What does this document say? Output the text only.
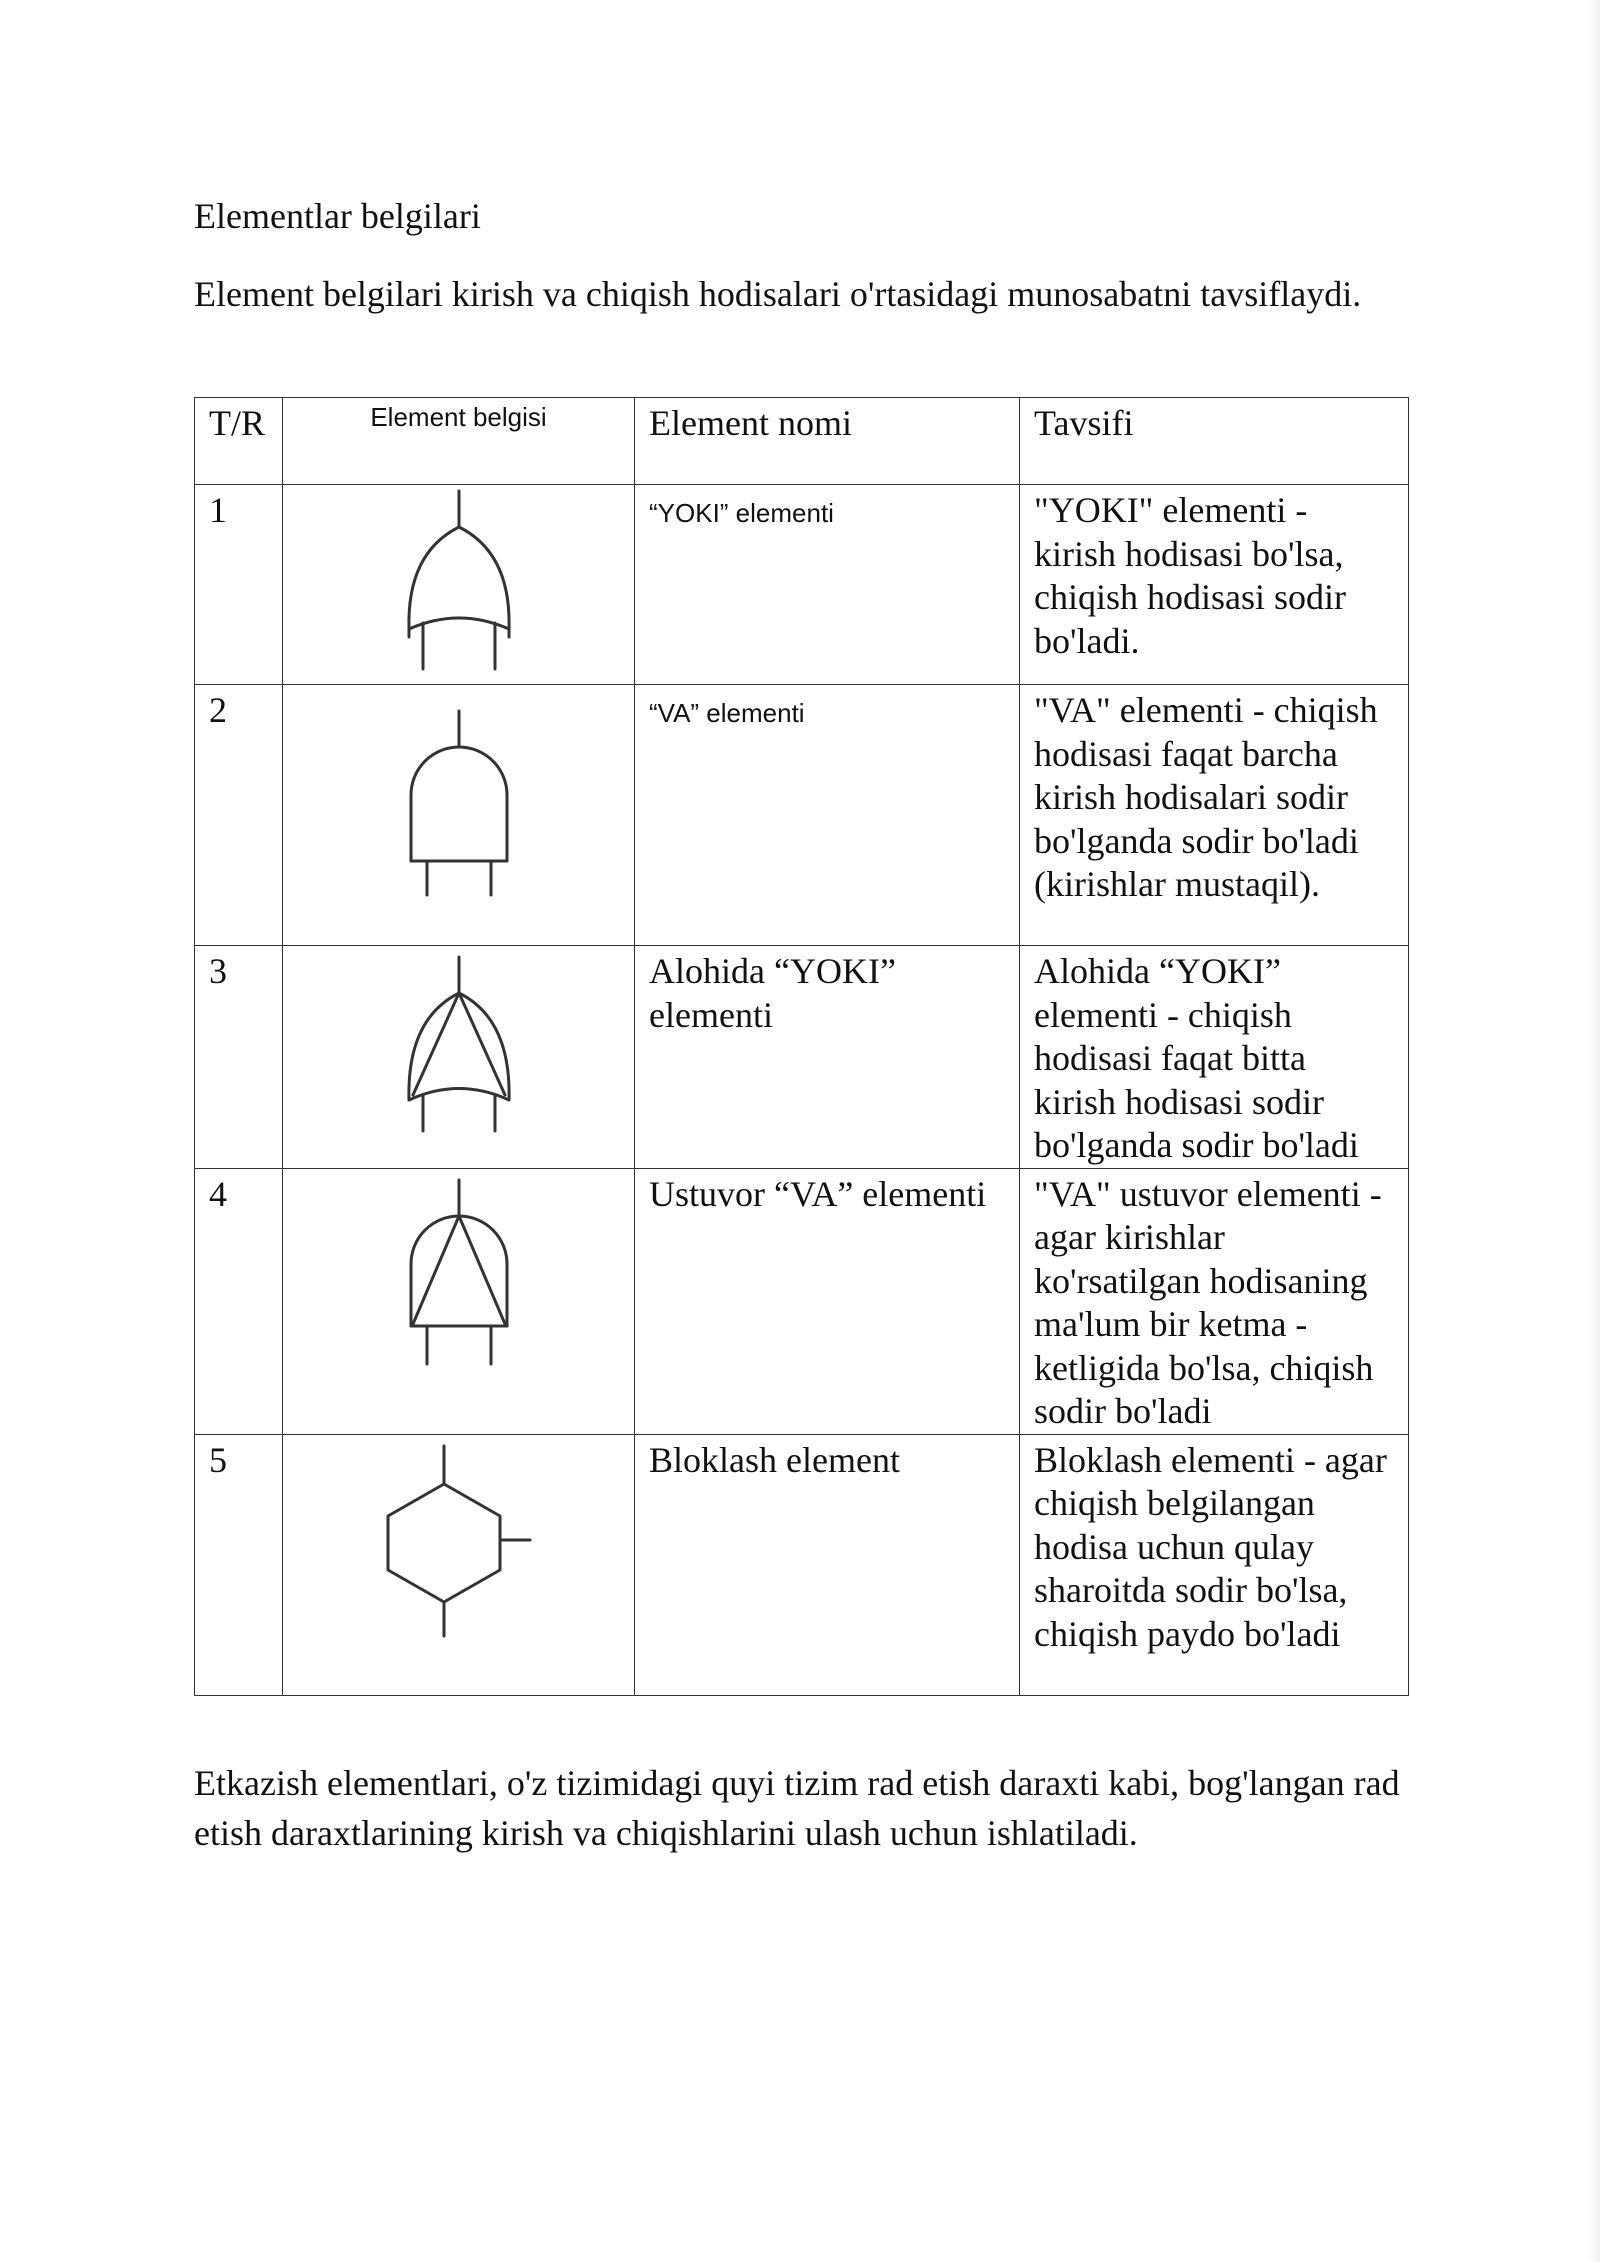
Elementlar belgilari

Element belgilari kirish va chiqish hodisalari o'rtasidagi munosabatni tavsiflaydi.

T/R	Element belgisi	Element nomi	Tavsifi
1		“YOKI” elementi	"YOKI" elementi - kirish hodisasi bo'lsa, chiqish hodisasi sodir bo'ladi.
2		“VA” elementi	"VA" elementi - chiqish hodisasi faqat barcha kirish hodisalari sodir bo'lganda sodir bo'ladi (kirishlar mustaqil).
3		Alohida “YOKI” elementi	Alohida “YOKI” elementi - chiqish hodisasi faqat bitta kirish hodisasi sodir bo'lganda sodir bo'ladi
4		Ustuvor “VA” elementi	"VA" ustuvor elementi - agar kirishlar ko'rsatilgan hodisaning ma'lum bir ketma -ketligida bo'lsa, chiqish sodir bo'ladi
5		Bloklash element	Bloklash elementi - agar chiqish belgilangan hodisa uchun qulay sharoitda sodir bo'lsa, chiqish paydo bo'ladi

Etkazish elementlari, o'z tizimidagi quyi tizim rad etish daraxti kabi, bog'langan rad etish daraxtlarining kirish va chiqishlarini ulash uchun ishlatiladi.
